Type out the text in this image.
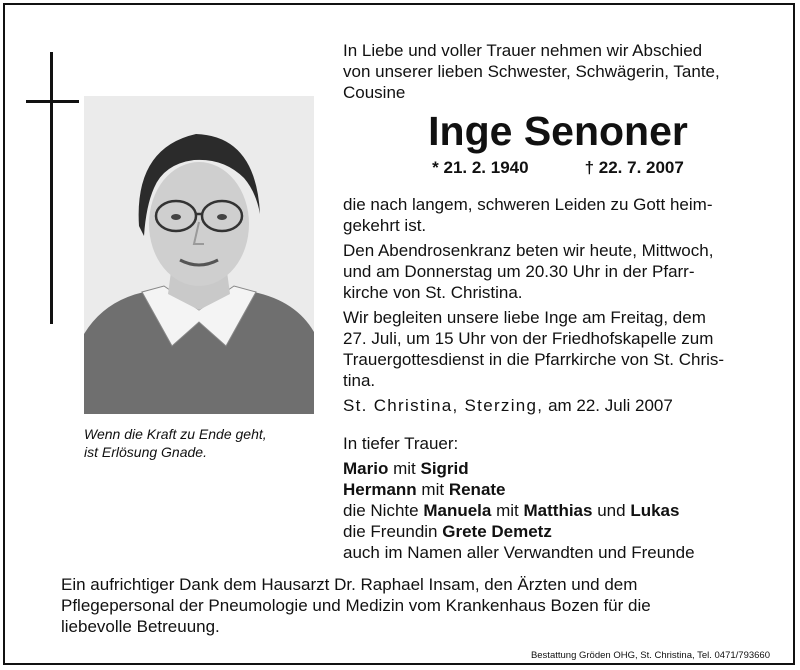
Wenn die Kraft zu Ende geht,
ist Erlösung Gnade.
In Liebe und voller Trauer nehmen wir Abschied
von unserer lieben Schwester, Schwägerin, Tante,
Cousine
Inge Senoner
* 21. 2. 1940	† 22. 7. 2007
die nach langem, schweren Leiden zu Gott heim-
gekehrt ist.
Den Abendrosenkranz beten wir heute, Mittwoch,
und am Donnerstag um 20.30 Uhr in der Pfarr-
kirche von St. Christina.
Wir begleiten unsere liebe Inge am Freitag, dem
27. Juli, um 15 Uhr von der Friedhofskapelle zum
Trauergottesdienst in die Pfarrkirche von St. Chris-
tina.
St. Christina, Sterzing, am 22. Juli 2007
In tiefer Trauer:
Mario mit Sigrid
Hermann mit Renate
die Nichte Manuela mit Matthias und Lukas
die Freundin Grete Demetz
auch im Namen aller Verwandten und Freunde
Ein aufrichtiger Dank dem Hausarzt Dr. Raphael Insam, den Ärzten und dem
Pflegepersonal der Pneumologie und Medizin vom Krankenhaus Bozen für die
liebevolle Betreuung.
Bestattung Gröden OHG, St. Christina, Tel. 0471/793660
